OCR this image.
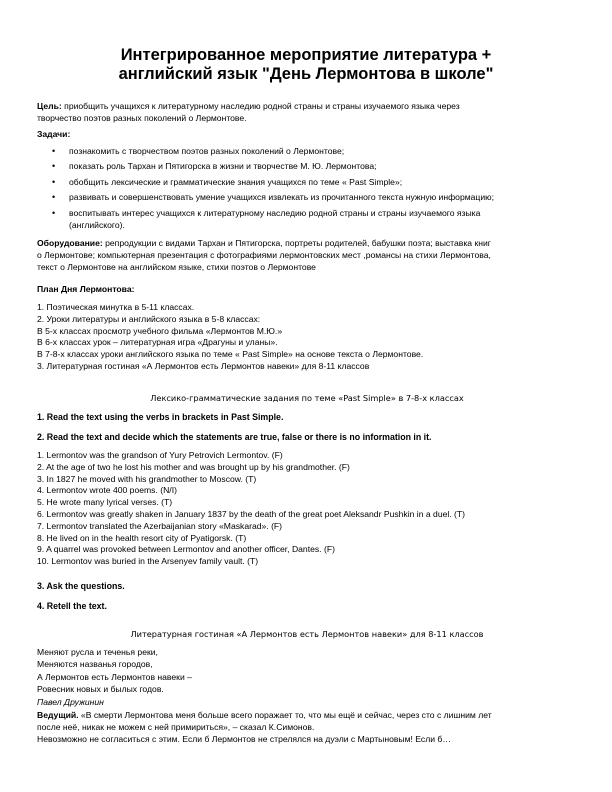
Интегрированное мероприятие литература +
английский язык "День Лермонтова в школе"

Цель: приобщить учащихся к литературному наследию родной страны и страны изучаемого языка через
творчество поэтов разных поколений о Лермонтове.

Задачи:

• познакомить с творчеством поэтов разных поколений о Лермонтове;
• показать роль Тархан и Пятигорска в жизни и творчестве М. Ю. Лермонтова;
• обобщить лексические и грамматические знания учащихся по теме « Past Simple»;
• развивать и совершенствовать умение учащихся извлекать из прочитанного текста нужную информацию;
• воспитывать интерес учащихся к литературному наследию родной страны и страны изучаемого языка
(английского).

Оборудование: репродукции с видами Тархан и Пятигорска, портреты родителей, бабушки поэта; выставка книг
о Лермонтове; компьютерная презентация с фотографиями лермонтовских мест ,романсы на стихи Лермонтова,
текст о Лермонтове на английском языке, стихи поэтов о Лермонтове

План Дня Лермонтова:

1. Поэтическая минутка в 5-11 классах.
2. Уроки литературы и английского языка в 5-8 классах:
В 5-х классах просмотр учебного фильма «Лермонтов М.Ю.»
В 6-х классах урок – литературная игра «Драгуны и уланы».
В 7-8-х классах уроки английского языка по теме « Past Simple» на основе текста о Лермонтове.
3. Литературная гостиная «А Лермонтов есть Лермонтов навеки» для 8-11 классов
Лексико-грамматические задания по теме «Past Simple» в 7-8-х классах
1. Read the text using the verbs in brackets in Past Simple.
2. Read the text and decide which the statements are true, false or there is no information in it.
1. Lermontov was the grandson of Yury Petrovich Lermontov. (F)
2. At the age of two he lost his mother and was brought up by his grandmother. (F)
3. In 1827 he moved with his grandmother to Moscow. (T)
4. Lermontov wrote 400 poems. (N/I)
5. He wrote many lyrical verses. (T)
6. Lermontov was greatly shaken in January 1837 by the death of the great poet Aleksandr Pushkin in a duel. (T)
7. Lermontov translated the Azerbaijanian story «Maskarad». (F)
8. He lived on in the health resort city of Pyatigorsk. (T)
9. A quarrel was provoked between Lermontov and another officer, Dantes. (F)
10. Lermontov was buried in the Arsenyev family vault. (T)
3. Ask the questions.
4. Retell the text.
Литературная гостиная «А Лермонтов есть Лермонтов навеки» для 8-11 классов
Меняют русла и теченья реки,
Меняются названья городов,
А Лермонтов есть Лермонтов навеки –
Ровесник новых и былых годов.
Павел Дружинин

Ведущий. «В смерти Лермонтова меня больше всего поражает то, что мы ещё и сейчас, через сто с лишним лет
после неё, никак не можем с ней примириться», – сказал К.Симонов.
Невозможно не согласиться с этим. Если б Лермонтов не стрелялся на дуэли с Мартыновым! Если б…
